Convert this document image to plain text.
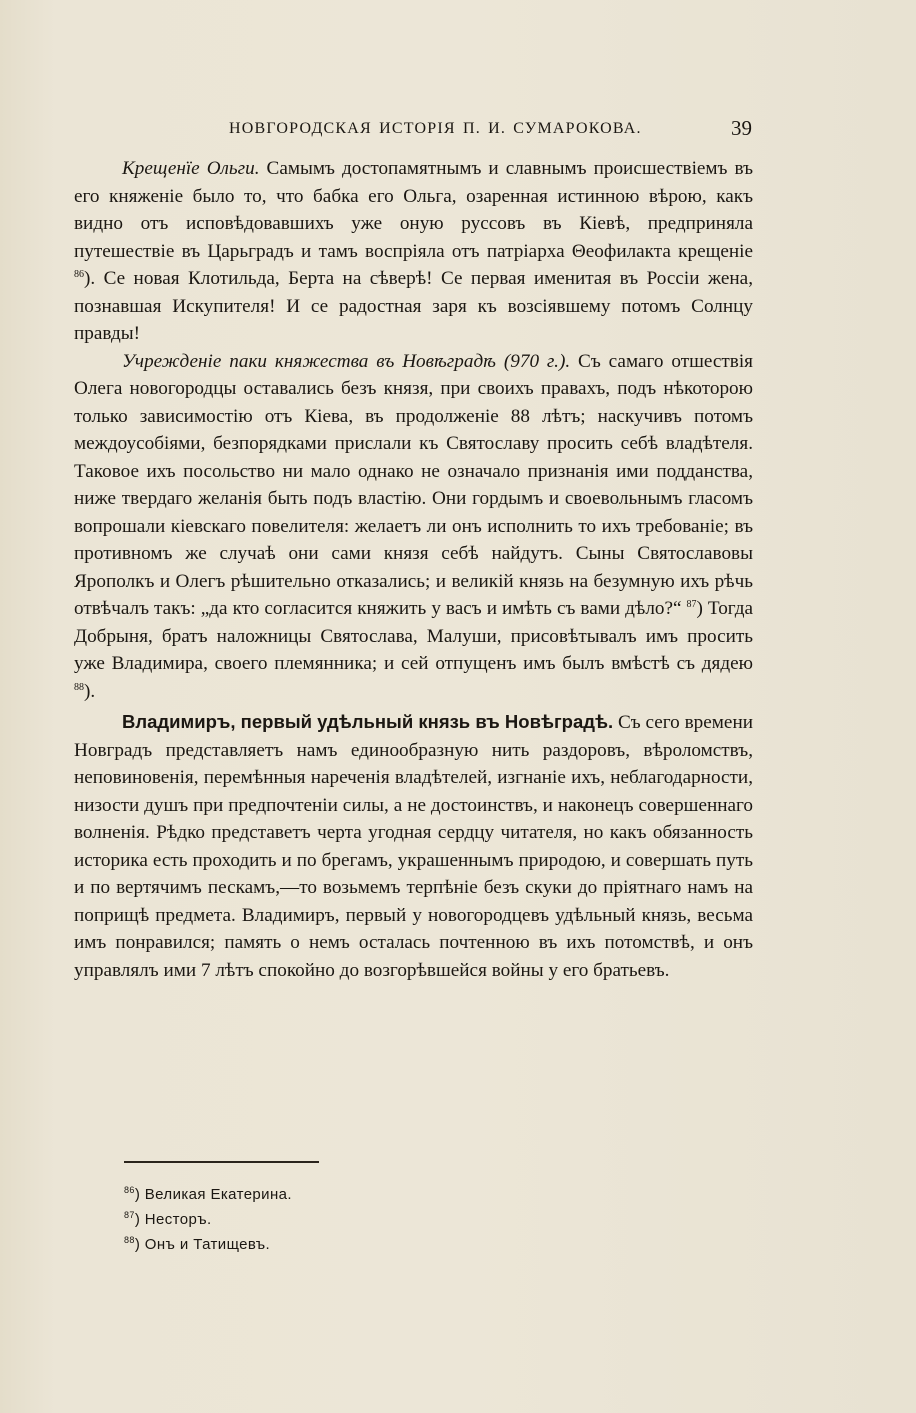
НОВГОРОДСКАЯ ИСТОРІЯ П. И. СУМАРОКОВА.	39

Крещенїе Ольги. Самымъ достопамятнымъ и славнымъ происшествіемъ въ его княженіе было то, что бабка его Ольга, озаренная истинною вѣрою, какъ видно отъ исповѣдовавшихъ уже оную руссовъ въ Кіевѣ, предприняла путешествіе въ Царьградъ и тамъ воспріяла отъ патріарха Θеофилакта крещеніе $^{86}$). Се новая Клотильда, Берта на сѣверѣ! Се первая именитая въ Россіи жена, познавшая Искупителя! И се радостная заря къ возсіявшему потомъ Солнцу правды!

Учрежденіе паки княжества въ Новѣградѣ (970 г.). Съ самаго отшествія Олега новогородцы оставались безъ князя, при своихъ правахъ, подъ нѣкоторою только зависимостію отъ Кіева, въ продолженіе 88 лѣтъ; наскучивъ потомъ междоусобіями, безпорядками прислали къ Святославу просить себѣ владѣтеля. Таковое ихъ посольство ни мало однако не означало признанія ими подданства, ниже твердаго желанія быть подъ властію. Они гордымъ и своевольнымъ гласомъ вопрошали кіевскаго повелителя: желаетъ ли онъ исполнить то ихъ требованіе; въ противномъ же случаѣ они сами князя себѣ найдутъ. Сыны Святославовы Ярополкъ и Олегъ рѣшительно отказались; и великій князь на безумную ихъ рѣчь отвѣчалъ такъ: „да кто согласится княжить у васъ и имѣть съ вами дѣло?“ $^{87}$) Тогда Добрыня, братъ наложницы Святослава, Малуши, присовѣтывалъ имъ просить уже Владимира, своего племянника; и сей отпущенъ имъ былъ вмѣстѣ съ дядею $^{88}$).

Владимиръ, первый удѣльный князь въ Новѣградѣ. Съ сего времени Новградъ представляетъ намъ единообразную нить раздоровъ, вѣроломствъ, неповиновенія, перемѣнныя нареченія владѣтелей, изгнаніе ихъ, неблагодарности, низости душъ при предпочтеніи силы, а не достоинствъ, и наконецъ совершеннаго волненія. Рѣдко представетъ черта угодная сердцу читателя, но какъ обязанность историка есть проходить и по брегамъ, украшеннымъ природою, и совершать путь и по вертячимъ пескамъ,—то возьмемъ терпѣніе безъ скуки до пріятнаго намъ на поприщѣ предмета. Владимиръ, первый у новогородцевъ удѣльный князь, весьма имъ понравился; память о немъ осталась почтенною въ ихъ потомствѣ, и онъ управлялъ ими 7 лѣтъ спокойно до возгорѣвшейся войны у его братьевъ.

$^{86}$) Великая Екатерина.
$^{87}$) Несторъ.
$^{88}$) Онъ и Татищевъ.
